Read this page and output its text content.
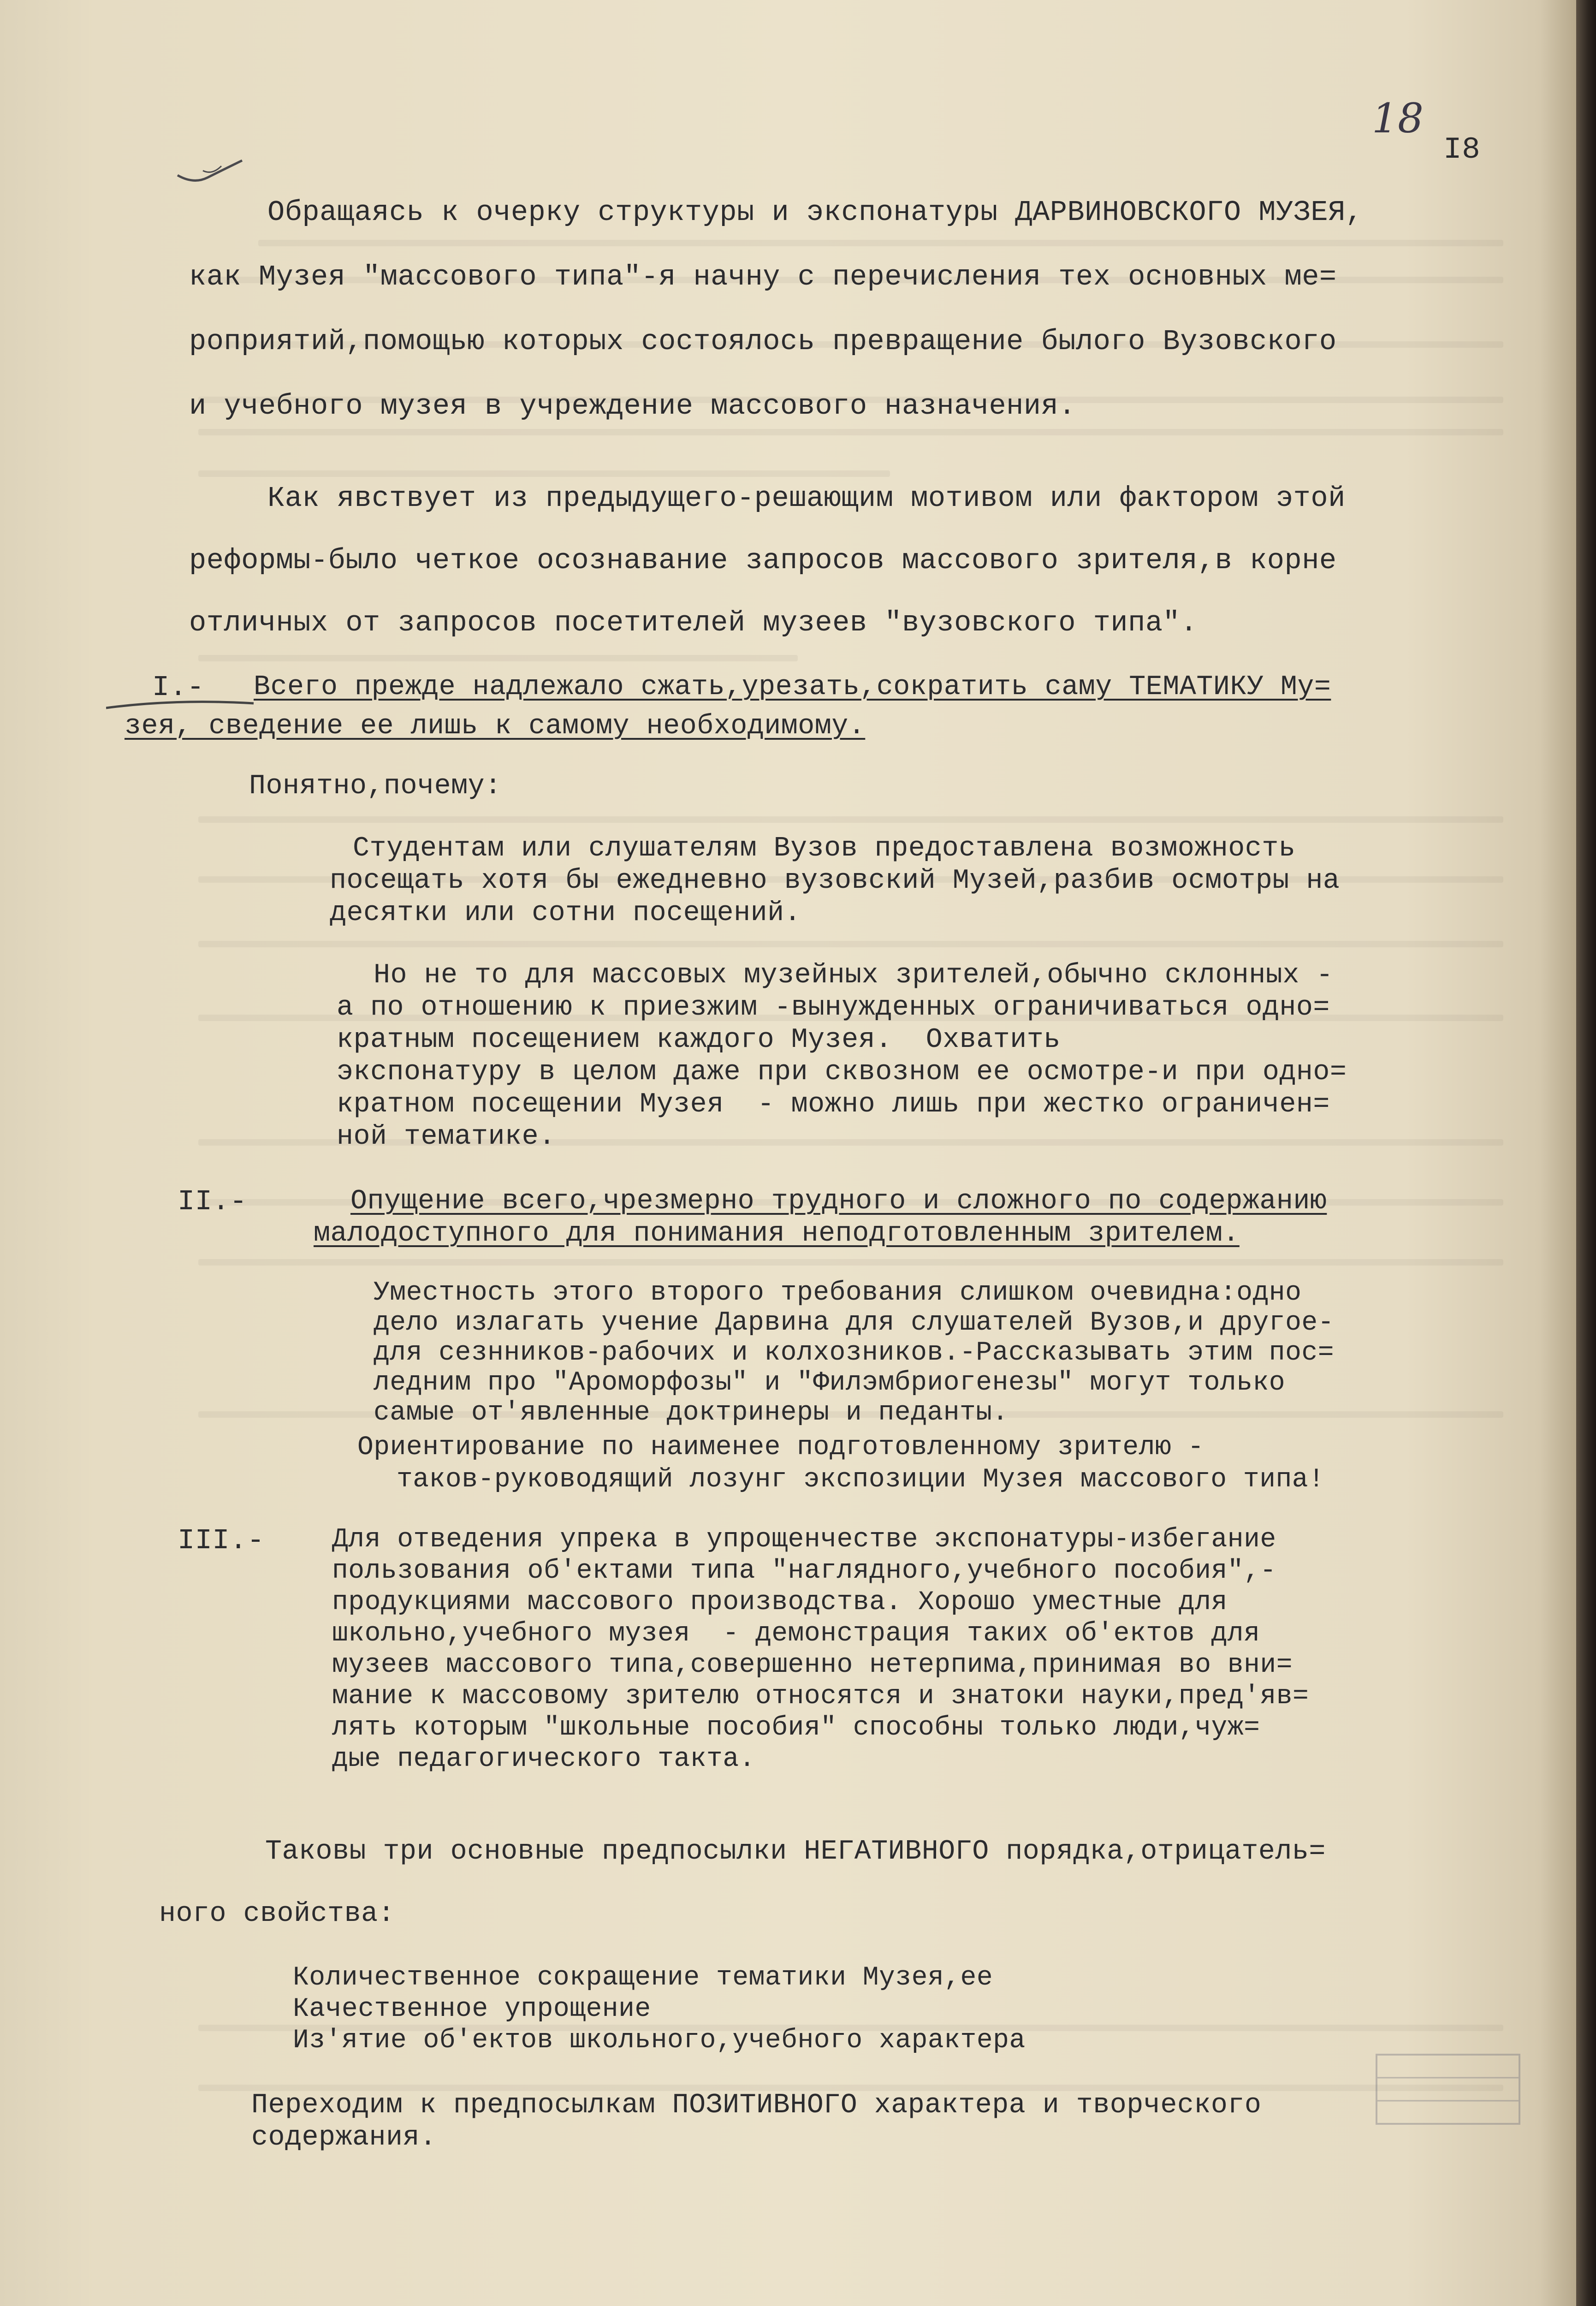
18
I8
Обращаясь к очерку структуры и экспонатуры ДАРВИНОВСКОГО МУЗЕЯ,
как Музея "массового типа"-я начну с перечисления тех основных ме=
роприятий,помощью которых состоялось превращение былого Вузовского
и учебного музея в учреждение массового назначения.
Как явствует из предыдущего-решающим мотивом или фактором этой
реформы-было четкое осознавание запросов массового зрителя,в корне
отличных от запросов посетителей музеев "вузовского типа".
I.- Всего прежде надлежало сжать,урезать,сократить саму ТЕМАТИКУ Му=
зея, сведение ее лишь к самому необходимому.
Понятно,почему:
Студентам или слушателям Вузов предоставлена возможность
посещать хотя бы ежедневно вузовский Музей,разбив осмотры на
десятки или сотни посещений.
Но не то для массовых музейных зрителей,обычно склонных -
а по отношению к приезжим -вынужденных ограничиваться одно=
кратным посещением каждого Музея.  Охватить
экспонатуру в целом даже при сквозном ее осмотре-и при одно=
кратном посещении Музея  - можно лишь при жестко ограничен=
ной тематике.
II.-	Опущение всего,чрезмерно трудного и сложного по содержанию
малодоступного для понимания неподготовленным зрителем.
Уместность этого второго требования слишком очевидна:одно
дело излагать учение Дарвина для слушателей Вузов,и другое-
для сезнников-рабочих и колхозников.-Рассказывать этим пос=
ледним про "Ароморфозы" и "Филэмбриогенезы" могут только
самые от'явленные доктринеры и педанты.
Ориентирование по наименее подготовленному зрителю -
таков-руководящий лозунг экспозиции Музея массового типа!
III.-	Для отведения упрека в упрощенчестве экспонатуры-избегание
пользования об'ектами типа "наглядного,учебного пособия",-
продукциями массового производства. Хорошо уместные для
школьно,учебного музея  - демонстрация таких об'ектов для
музеев массового типа,совершенно нетерпима,принимая во вни=
мание к массовому зрителю относятся и знатоки науки,пред'яв=
лять которым "школьные пособия" способны только люди,чуж=
дые педагогического такта.
Таковы три основные предпосылки НЕГАТИВНОГО порядка,отрицатель=
ного свойства:
Количественное сокращение тематики Музея,ее
Качественное упрощение
Из'ятие об'ектов школьного,учебного характера
Переходим к предпосылкам ПОЗИТИВНОГО характера и творческого
содержания.
